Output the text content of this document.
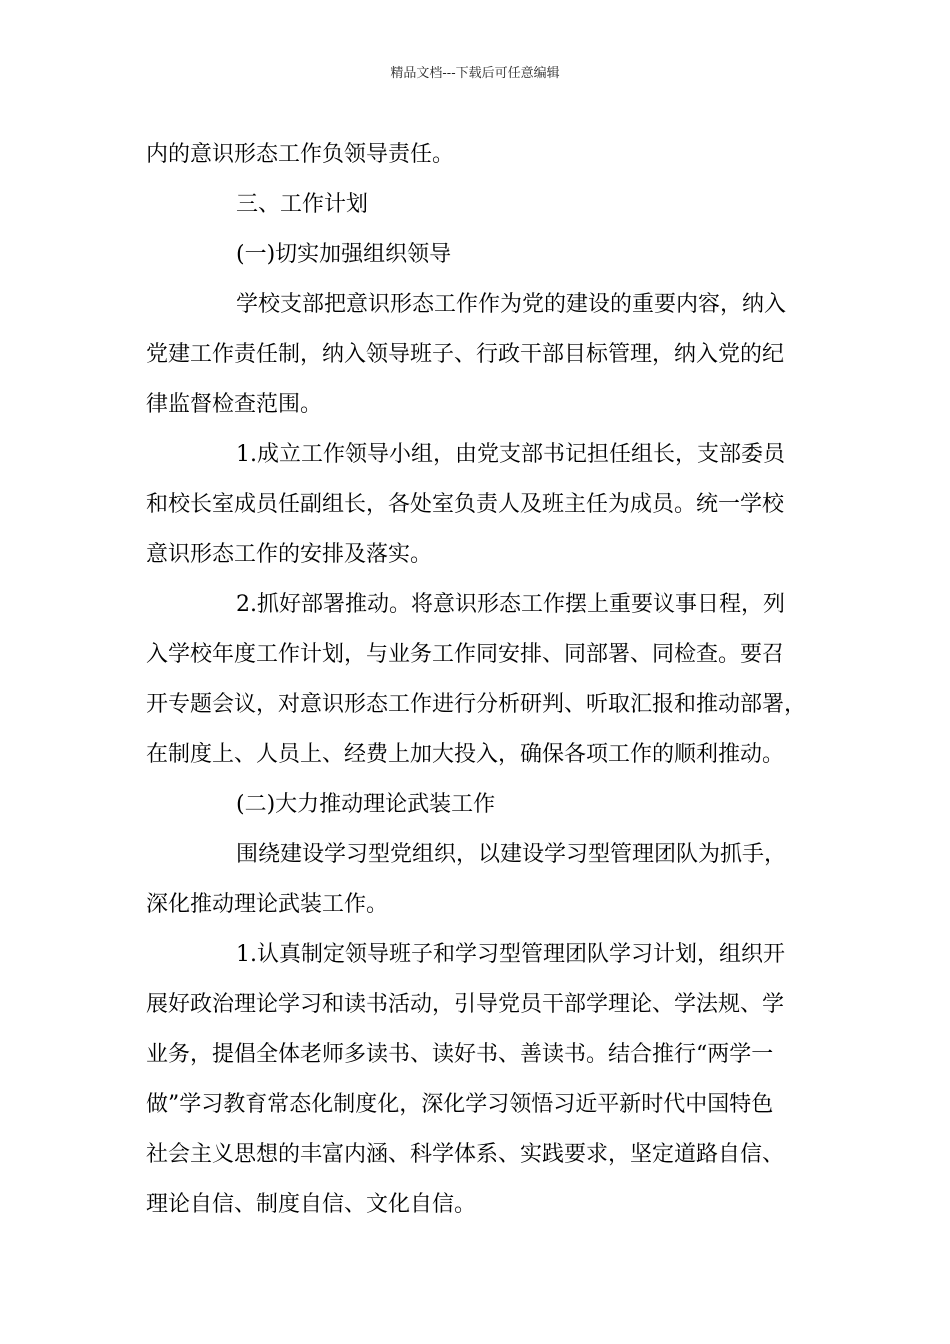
精品文档---下载后可任意编辑

内的意识形态工作负领导责任。

三、工作计划

(一)切实加强组织领导

学校支部把意识形态工作作为党的建设的重要内容，纳入

党建工作责任制，纳入领导班子、行政干部目标管理，纳入党的纪

律监督检查范围。

1.成立工作领导小组，由党支部书记担任组长，支部委员

和校长室成员任副组长，各处室负责人及班主任为成员。统一学校

意识形态工作的安排及落实。

2.抓好部署推动。将意识形态工作摆上重要议事日程，列

入学校年度工作计划，与业务工作同安排、同部署、同检查。要召

开专题会议，对意识形态工作进行分析研判、听取汇报和推动部署，

在制度上、人员上、经费上加大投入，确保各项工作的顺利推动。

(二)大力推动理论武装工作

围绕建设学习型党组织，以建设学习型管理团队为抓手，

深化推动理论武装工作。

1.认真制定领导班子和学习型管理团队学习计划，组织开

展好政治理论学习和读书活动，引导党员干部学理论、学法规、学

业务，提倡全体老师多读书、读好书、善读书。结合推行“两学一

做”学习教育常态化制度化，深化学习领悟习近平新时代中国特色

社会主义思想的丰富内涵、科学体系、实践要求，坚定道路自信、

理论自信、制度自信、文化自信。
